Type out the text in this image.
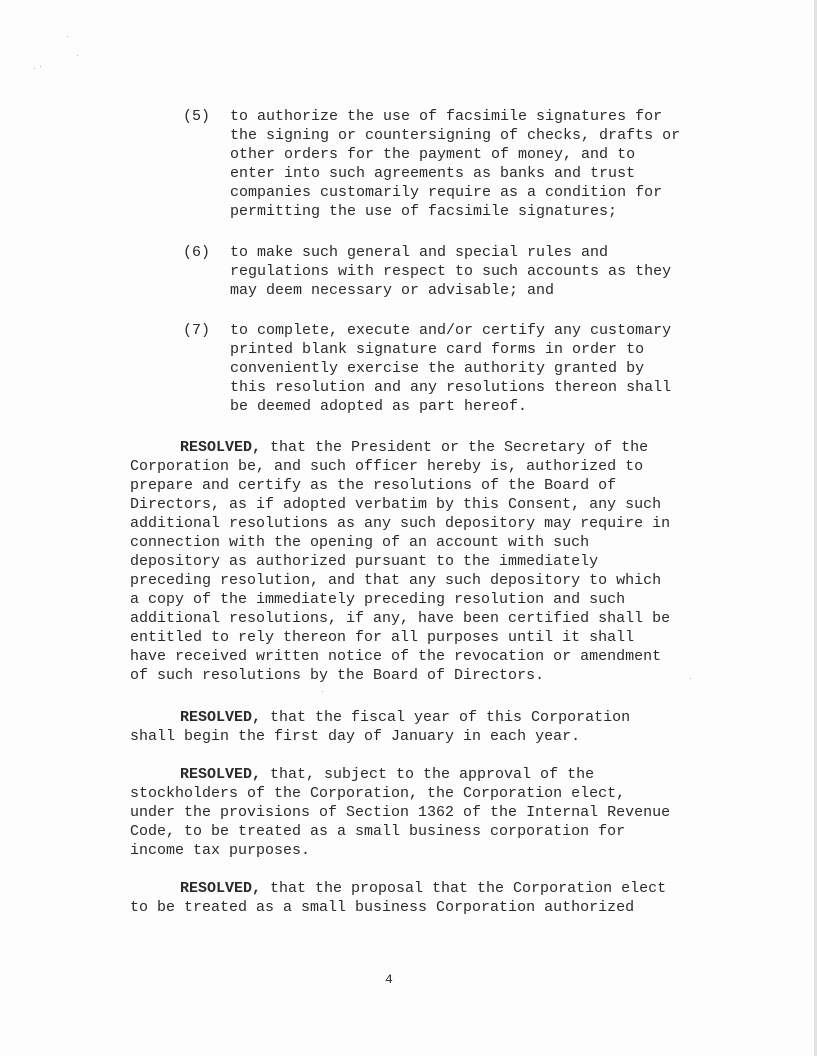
(5)	to authorize the use of facsimile signatures for
the signing or countersigning of checks, drafts or
other orders for the payment of money, and to
enter into such agreements as banks and trust
companies customarily require as a condition for
permitting the use of facsimile signatures;
(6)	to make such general and special rules and
regulations with respect to such accounts as they
may deem necessary or advisable; and
(7)	to complete, execute and/or certify any customary
printed blank signature card forms in order to
conveniently exercise the authority granted by
this resolution and any resolutions thereon shall
be deemed adopted as part hereof.
RESOLVED, that the President or the Secretary of the
Corporation be, and such officer hereby is, authorized to
prepare and certify as the resolutions of the Board of
Directors, as if adopted verbatim by this Consent, any such
additional resolutions as any such depository may require in
connection with the opening of an account with such
depository as authorized pursuant to the immediately
preceding resolution, and that any such depository to which
a copy of the immediately preceding resolution and such
additional resolutions, if any, have been certified shall be
entitled to rely thereon for all purposes until it shall
have received written notice of the revocation or amendment
of such resolutions by the Board of Directors.
RESOLVED, that the fiscal year of this Corporation
shall begin the first day of January in each year.
RESOLVED, that, subject to the approval of the
stockholders of the Corporation, the Corporation elect,
under the provisions of Section 1362 of the Internal Revenue
Code, to be treated as a small business corporation for
income tax purposes.
RESOLVED, that the proposal that the Corporation elect
to be treated as a small business Corporation authorized
4
